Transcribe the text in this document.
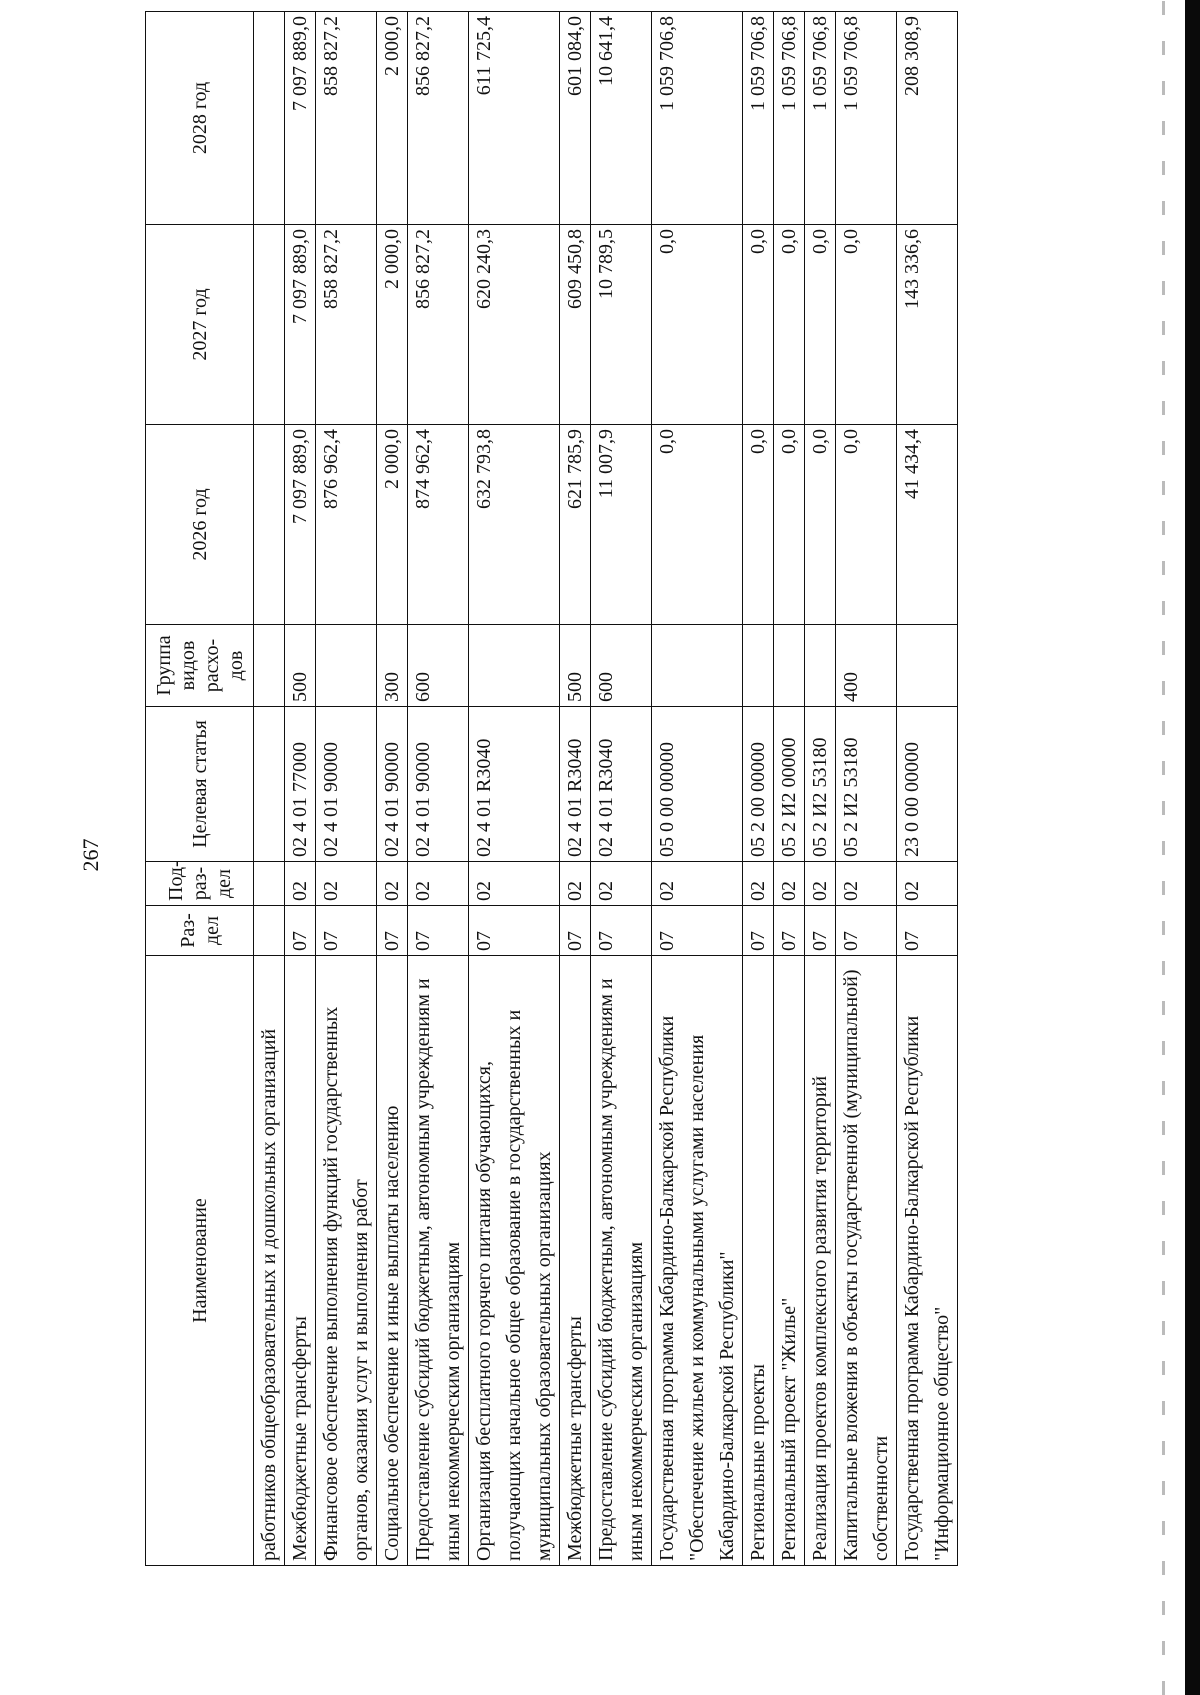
267
Наименование	Раз-дел	Под-раз-дел	Целевая статья	Группа видов расхо-дов	2026 год	2027 год	2028 год
работников общеобразовательных и дошкольных организаций							
Межбюджетные трансферты	07	02	02 4 01 77000	500	7 097 889,0	7 097 889,0	7 097 889,0
Финансовое обеспечение выполнения функций государственных органов, оказания услуг и выполнения работ	07	02	02 4 01 90000		876 962,4	858 827,2	858 827,2
Социальное обеспечение и иные выплаты населению	07	02	02 4 01 90000	300	2 000,0	2 000,0	2 000,0
Предоставление субсидий бюджетным, автономным учреждениям и иным некоммерческим организациям	07	02	02 4 01 90000	600	874 962,4	856 827,2	856 827,2
Организация бесплатного горячего питания обучающихся, получающих начальное общее образование в государственных и муниципальных образовательных организациях	07	02	02 4 01 R3040		632 793,8	620 240,3	611 725,4
Межбюджетные трансферты	07	02	02 4 01 R3040	500	621 785,9	609 450,8	601 084,0
Предоставление субсидий бюджетным, автономным учреждениям и иным некоммерческим организациям	07	02	02 4 01 R3040	600	11 007,9	10 789,5	10 641,4
Государственная программа Кабардино-Балкарской Республики "Обеспечение жильем и коммунальными услугами населения Кабардино-Балкарской Республики"	07	02	05 0 00 00000		0,0	0,0	1 059 706,8
Региональные проекты	07	02	05 2 00 00000		0,0	0,0	1 059 706,8
Региональный проект "Жилье"	07	02	05 2 И2 00000		0,0	0,0	1 059 706,8
Реализация проектов комплексного развития территорий	07	02	05 2 И2 53180		0,0	0,0	1 059 706,8
Капитальные вложения в объекты государственной (муниципальной) собственности	07	02	05 2 И2 53180	400	0,0	0,0	1 059 706,8
Государственная программа Кабардино-Балкарской Республики "Информационное общество"	07	02	23 0 00 00000		41 434,4	143 336,6	208 308,9
